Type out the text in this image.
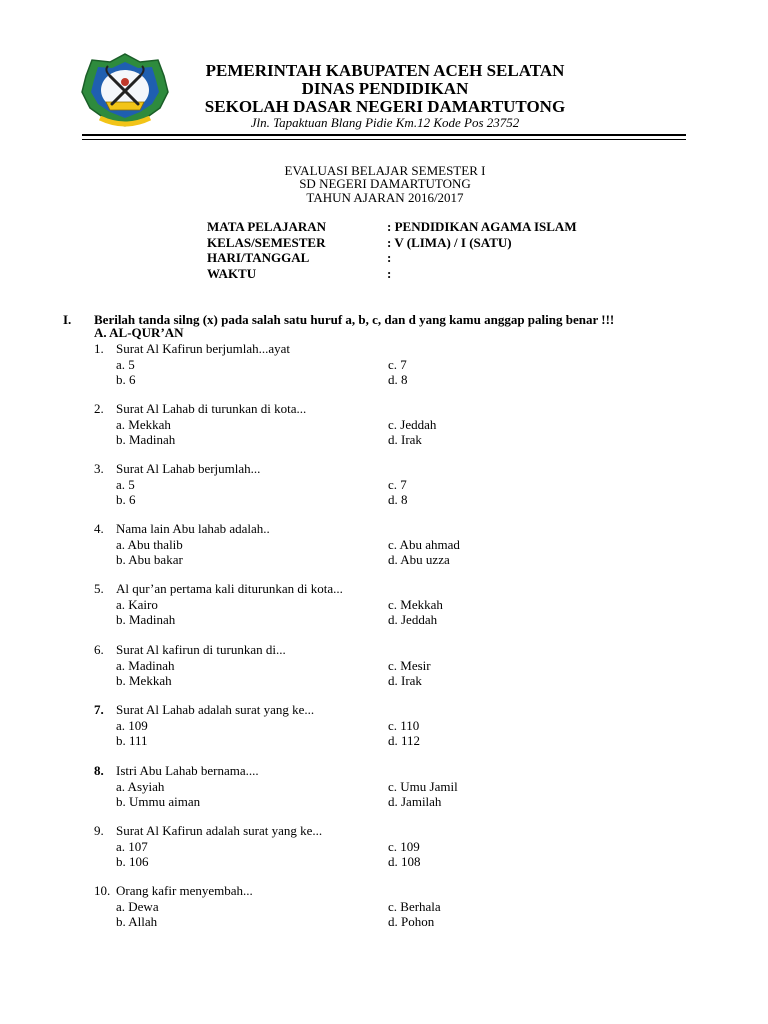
PEMERINTAH KABUPATEN ACEH SELATAN
DINAS PENDIDIKAN
SEKOLAH DASAR NEGERI DAMARTUTONG
Jln. Tapaktuan Blang Pidie Km.12 Kode Pos 23752
EVALUASI BELAJAR SEMESTER I
SD NEGERI DAMARTUTONG
TAHUN AJARAN 2016/2017
MATA PELAJARAN	: PENDIDIKAN AGAMA ISLAM
KELAS/SEMESTER	: V (LIMA) / I (SATU)
HARI/TANGGAL	:
WAKTU	:
I. Berilah tanda silng (x) pada salah satu huruf a, b, c, dan d yang kamu anggap paling benar !!!
A. AL-QUR’AN
1. Surat Al Kafirun berjumlah...ayat
a. 5	c. 7
b. 6	d. 8
2. Surat Al Lahab di turunkan di kota...
a. Mekkah	c. Jeddah
b. Madinah	d. Irak
3. Surat Al Lahab berjumlah...
a. 5	c. 7
b. 6	d. 8
4. Nama lain Abu lahab adalah..
a. Abu thalib	c. Abu ahmad
b. Abu bakar	d. Abu uzza
5. Al qur’an pertama kali diturunkan di kota...
a. Kairo	c. Mekkah
b. Madinah	d. Jeddah
6. Surat Al kafirun di turunkan di...
a. Madinah	c. Mesir
b. Mekkah	d. Irak
7. Surat Al Lahab adalah surat yang ke...
a. 109	c. 110
b. 111	d. 112
8. Istri Abu Lahab bernama....
a. Asyiah	c. Umu Jamil
b. Ummu aiman	d. Jamilah
9. Surat Al Kafirun adalah surat yang ke...
a. 107	c. 109
b. 106	d. 108
10. Orang kafir menyembah...
a. Dewa	c. Berhala
b. Allah	d. Pohon
